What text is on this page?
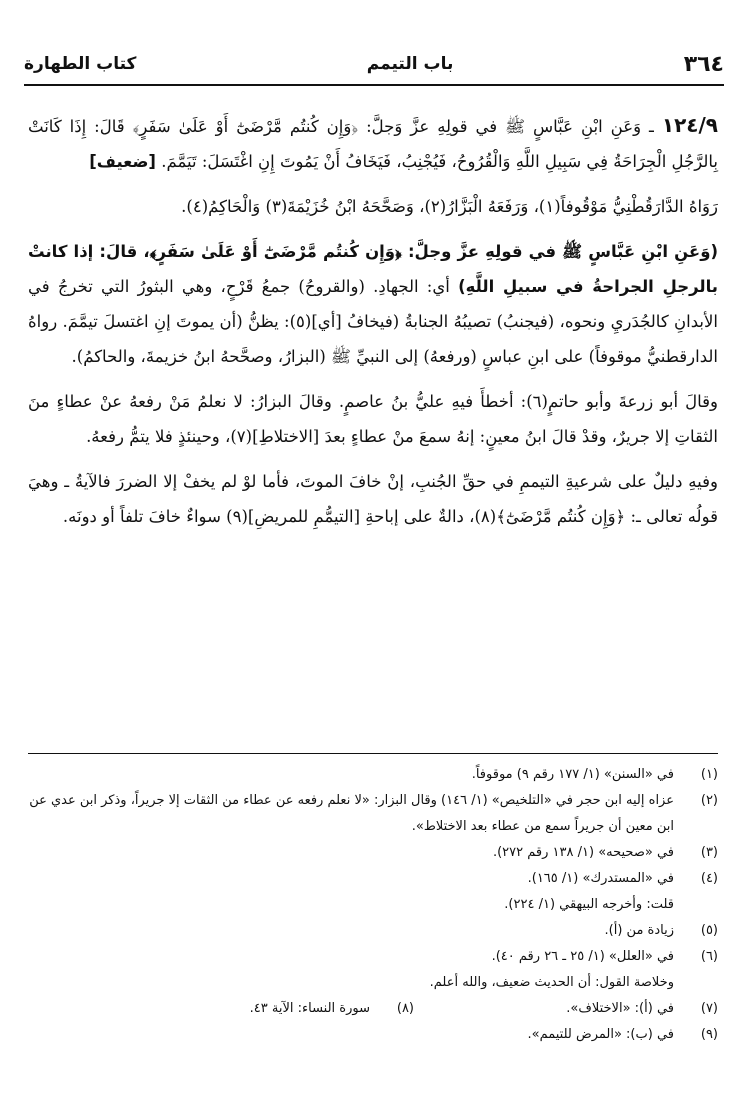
٣٦٤
باب التيمم
كتاب الطهارة

١٢٤/٩ ـ وَعَنِ ابْنِ عَبَّاسٍ ﷺ في قولِهِ عزَّ وَجلَّ: ﴿وَإِن كُنتُم مَّرْضَىٰٓ أَوْ عَلَىٰ سَفَرٍ﴾ قَالَ: إِذَا كَانَتْ بِالرَّجُلِ الْجِرَاحَةُ فِي سَبِيلِ اللَّهِ وَالْقُرُوحُ، فَيُجْنِبُ، فَيَخَافُ أَنْ يَمُوتَ إِنِ اغْتَسَلَ: تَيَمَّمَ. [ضعيف]

رَوَاهُ الدَّارَقُطْنِيُّ مَوْقُوفاً(١)، وَرَفَعَهُ الْبَزَّارُ(٢)، وَصَحَّحَهُ ابْنُ خُزَيْمَةَ(٣) وَالْحَاكِمُ(٤).

(وَعَنِ ابْنِ عَبَّاسٍ ﷺ في قولِهِ عزَّ وجلَّ: ﴿وَإِن كُنتُم مَّرْضَىٰٓ أَوْ عَلَىٰ سَفَرٍ﴾، قالَ: إذا كانتْ بالرجلِ الجراحةُ في سبيلِ اللَّهِ) أي: الجهادِ. (والقروحُ) جمعُ قَرْحٍ، وهي البثورُ التي تخرجُ في الأبدانِ كالجُدَريِ ونحوه، (فيجنبُ) تصيبُهُ الجنابةُ (فيخافُ [أي](٥): يظنُّ (أن يموتَ إنِ اغتسلَ تيمَّمَ. رواهُ الدارقطنيُّ موقوفاً) على ابنِ عباسٍ (ورفعهُ) إلى النبيِّ ﷺ (البزارُ، وصحَّحهُ ابنُ خزيمةَ، والحاكمُ).

وقالَ أبو زرعةَ وأبو حاتمٍ(٦): أخطأَ فيهِ عليُّ بنُ عاصمٍ. وقالَ البزارُ: لا نعلمُ مَنْ رفعهُ عنْ عطاءٍ منَ الثقاتِ إلا جريرٌ، وقدْ قالَ ابنُ معينٍ: إنهُ سمعَ منْ عطاءٍ بعدَ [الاختلاطِ](٧)، وحينئذٍ فلا يتمُّ رفعهُ.

وفيهِ دليلٌ على شرعيةِ التيممِ في حقِّ الجُنبِ، إنْ خافَ الموتَ، فأما لوْ لم يخفْ إلا الضررَ فالآيةُ ـ وهيَ قولُه تعالى ـ: ﴿وَإِن كُنتُم مَّرْضَىٰٓ﴾(٨)، دالةٌ على إباحةِ [التيمُّمِ للمريضِ](٩) سواءٌ خافَ تلفاً أو دونَه.

(١)
في «السنن» (١/ ١٧٧ رقم ٩) موقوفاً.
(٢)
عزاه إليه ابن حجر في «التلخيص» (١/ ١٤٦) وقال البزار: «لا نعلم رفعه عن عطاء من الثقات إلا جريراً، وذكر ابن عدي عن ابن معين أن جريراً سمع من عطاء بعد الاختلاط».
(٣)
في «صحيحه» (١/ ١٣٨ رقم ٢٧٢).
(٤)
في «المستدرك» (١/ ١٦٥).
قلت: وأخرجه البيهقي (١/ ٢٢٤).
(٥)
زيادة من (أ).
(٦)
في «العلل» (١/ ٢٥ ـ ٢٦ رقم ٤٠).
وخلاصة القول: أن الحديث ضعيف، والله أعلم.
(٧)
في (أ): «الاختلاف».
(٨)
سورة النساء: الآية ٤٣.
(٩)
في (ب): «المرض للتيمم».
